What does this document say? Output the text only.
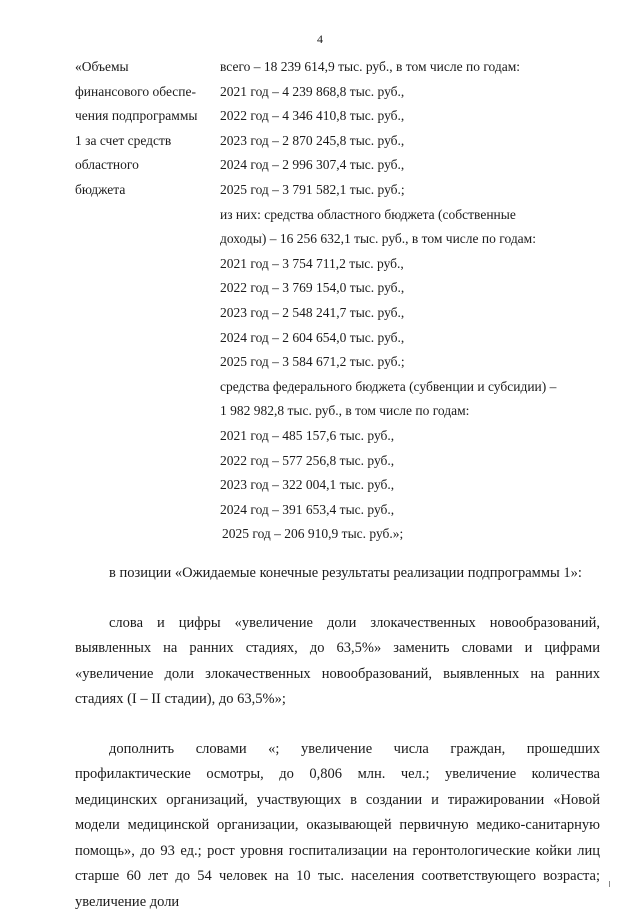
4
«Объемы
финансового обеспе-
чения подпрограммы
1 за счет средств
областного
бюджета
всего – 18 239 614,9 тыс. руб., в том числе по годам:
2021 год – 4 239 868,8 тыс. руб.,
2022 год – 4 346 410,8 тыс. руб.,
2023 год – 2 870 245,8 тыс. руб.,
2024 год – 2 996 307,4 тыс. руб.,
2025 год – 3 791 582,1 тыс. руб.;
из них: средства областного бюджета (собственные
доходы) – 16 256 632,1 тыс. руб., в том числе по годам:
2021 год – 3 754 711,2 тыс. руб.,
2022 год – 3 769 154,0 тыс. руб.,
2023 год – 2 548 241,7 тыс. руб.,
2024 год – 2 604 654,0 тыс. руб.,
2025 год – 3 584 671,2 тыс. руб.;
средства федерального бюджета (субвенции и субсидии) –
1 982 982,8 тыс. руб., в том числе по годам:
2021 год – 485 157,6 тыс. руб.,
2022 год – 577 256,8 тыс. руб.,
2023 год – 322 004,1 тыс. руб.,
2024 год – 391 653,4 тыс. руб.,
2025 год – 206 910,9 тыс. руб.»;

в позиции «Ожидаемые конечные результаты реализации подпрограммы 1»:

слова и цифры «увеличение доли злокачественных новообразований, выявленных на ранних стадиях, до 63,5%» заменить словами и цифрами «увеличение доли злокачественных новообразований, выявленных на ранних стадиях (I – II стадии), до 63,5%»;

дополнить словами «; увеличение числа граждан, прошедших профилактические осмотры, до 0,806 млн. чел.; увеличение количества медицинских организаций, участвующих в создании и тиражировании «Новой модели медицинской организации, оказывающей первичную медико-санитарную помощь», до 93 ед.; рост уровня госпитализации на геронтологические койки лиц старше 60 лет до 54 человек на 10 тыс. населения соответствующего возраста; увеличение доли
